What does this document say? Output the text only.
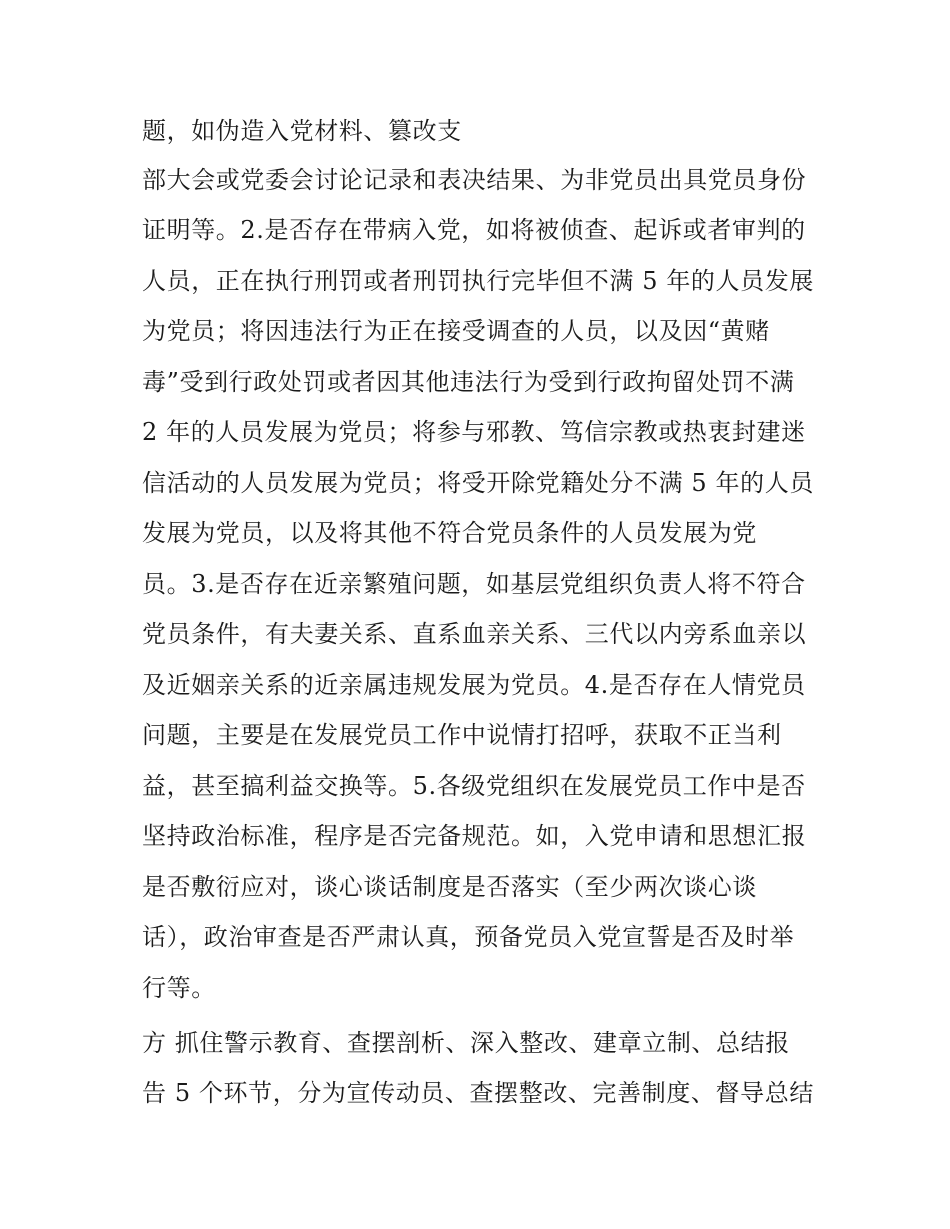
题，如伪造入党材料、篡改支

部大会或党委会讨论记录和表决结果、为非党员出具党员身份

证明等。2.是否存在带病入党，如将被侦查、起诉或者审判的

人员，正在执行刑罚或者刑罚执行完毕但不满 5 年的人员发展

为党员；将因违法行为正在接受调查的人员，以及因“黄赌

毒”受到行政处罚或者因其他违法行为受到行政拘留处罚不满

2 年的人员发展为党员；将参与邪教、笃信宗教或热衷封建迷

信活动的人员发展为党员；将受开除党籍处分不满 5 年的人员

发展为党员，以及将其他不符合党员条件的人员发展为党

员。3.是否存在近亲繁殖问题，如基层党组织负责人将不符合

党员条件，有夫妻关系、直系血亲关系、三代以内旁系血亲以

及近姻亲关系的近亲属违规发展为党员。4.是否存在人情党员

问题，主要是在发展党员工作中说情打招呼，获取不正当利

益，甚至搞利益交换等。5.各级党组织在发展党员工作中是否

坚持政治标准，程序是否完备规范。如，入党申请和思想汇报

是否敷衍应对，谈心谈话制度是否落实（至少两次谈心谈

话），政治审查是否严肃认真，预备党员入党宣誓是否及时举

行等。

方 抓住警示教育、查摆剖析、深入整改、建章立制、总结报

告 5 个环节，分为宣传动员、查摆整改、完善制度、督导总结
